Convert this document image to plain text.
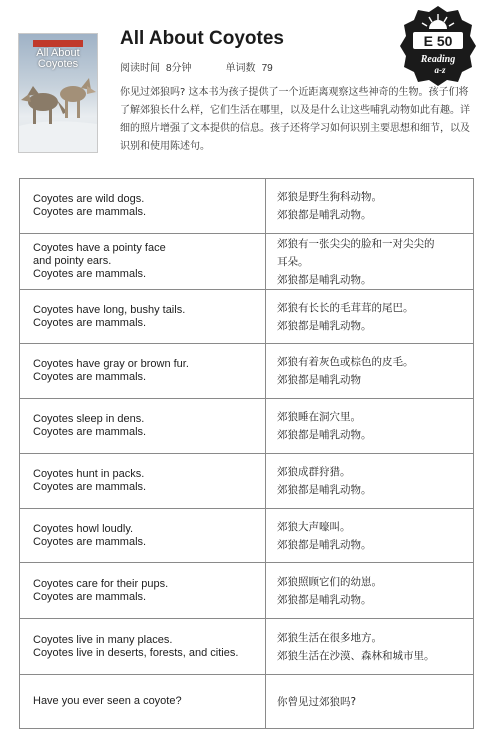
All About
Coyotes
All About Coyotes
阅读时间 8分钟	单词数 79
你见过郊狼吗? 这本书为孩子提供了一个近距离观察这些神奇的生物。孩子们将了解郊狼长什么样，它们生活在哪里，以及是什么让这些哺乳动物如此有趣。详细的照片增强了文本提供的信息。孩子还将学习如何识别主要思想和细节，以及识别和使用陈述句。
E 50
Reading
a-z
Coyotes are wild dogs.
Coyotes are mammals.	郊狼是野生狗科动物。
郊狼都是哺乳动物。

Coyotes have a pointy face
and pointy ears.
Coyotes are mammals.	郊狼有一张尖尖的脸和一对尖尖的
耳朵。
郊狼都是哺乳动物。

Coyotes have long, bushy tails.
Coyotes are mammals.	郊狼有长长的毛茸茸的尾巴。
郊狼都是哺乳动物。

Coyotes have gray or brown fur.
Coyotes are mammals.	郊狼有着灰色或棕色的皮毛。
郊狼都是哺乳动物

Coyotes sleep in dens.
Coyotes are mammals.	郊狼睡在洞穴里。
郊狼都是哺乳动物。

Coyotes hunt in packs.
Coyotes are mammals.	郊狼成群狩猎。
郊狼都是哺乳动物。

Coyotes howl loudly.
Coyotes are mammals.	郊狼大声嚎叫。
郊狼都是哺乳动物。

Coyotes care for their pups.
Coyotes are mammals.	郊狼照顾它们的幼崽。
郊狼都是哺乳动物。

Coyotes live in many places.
Coyotes live in deserts, forests, and cities.	郊狼生活在很多地方。
郊狼生活在沙漠、森林和城市里。

Have you ever seen a coyote?	你曾见过郊狼吗?
